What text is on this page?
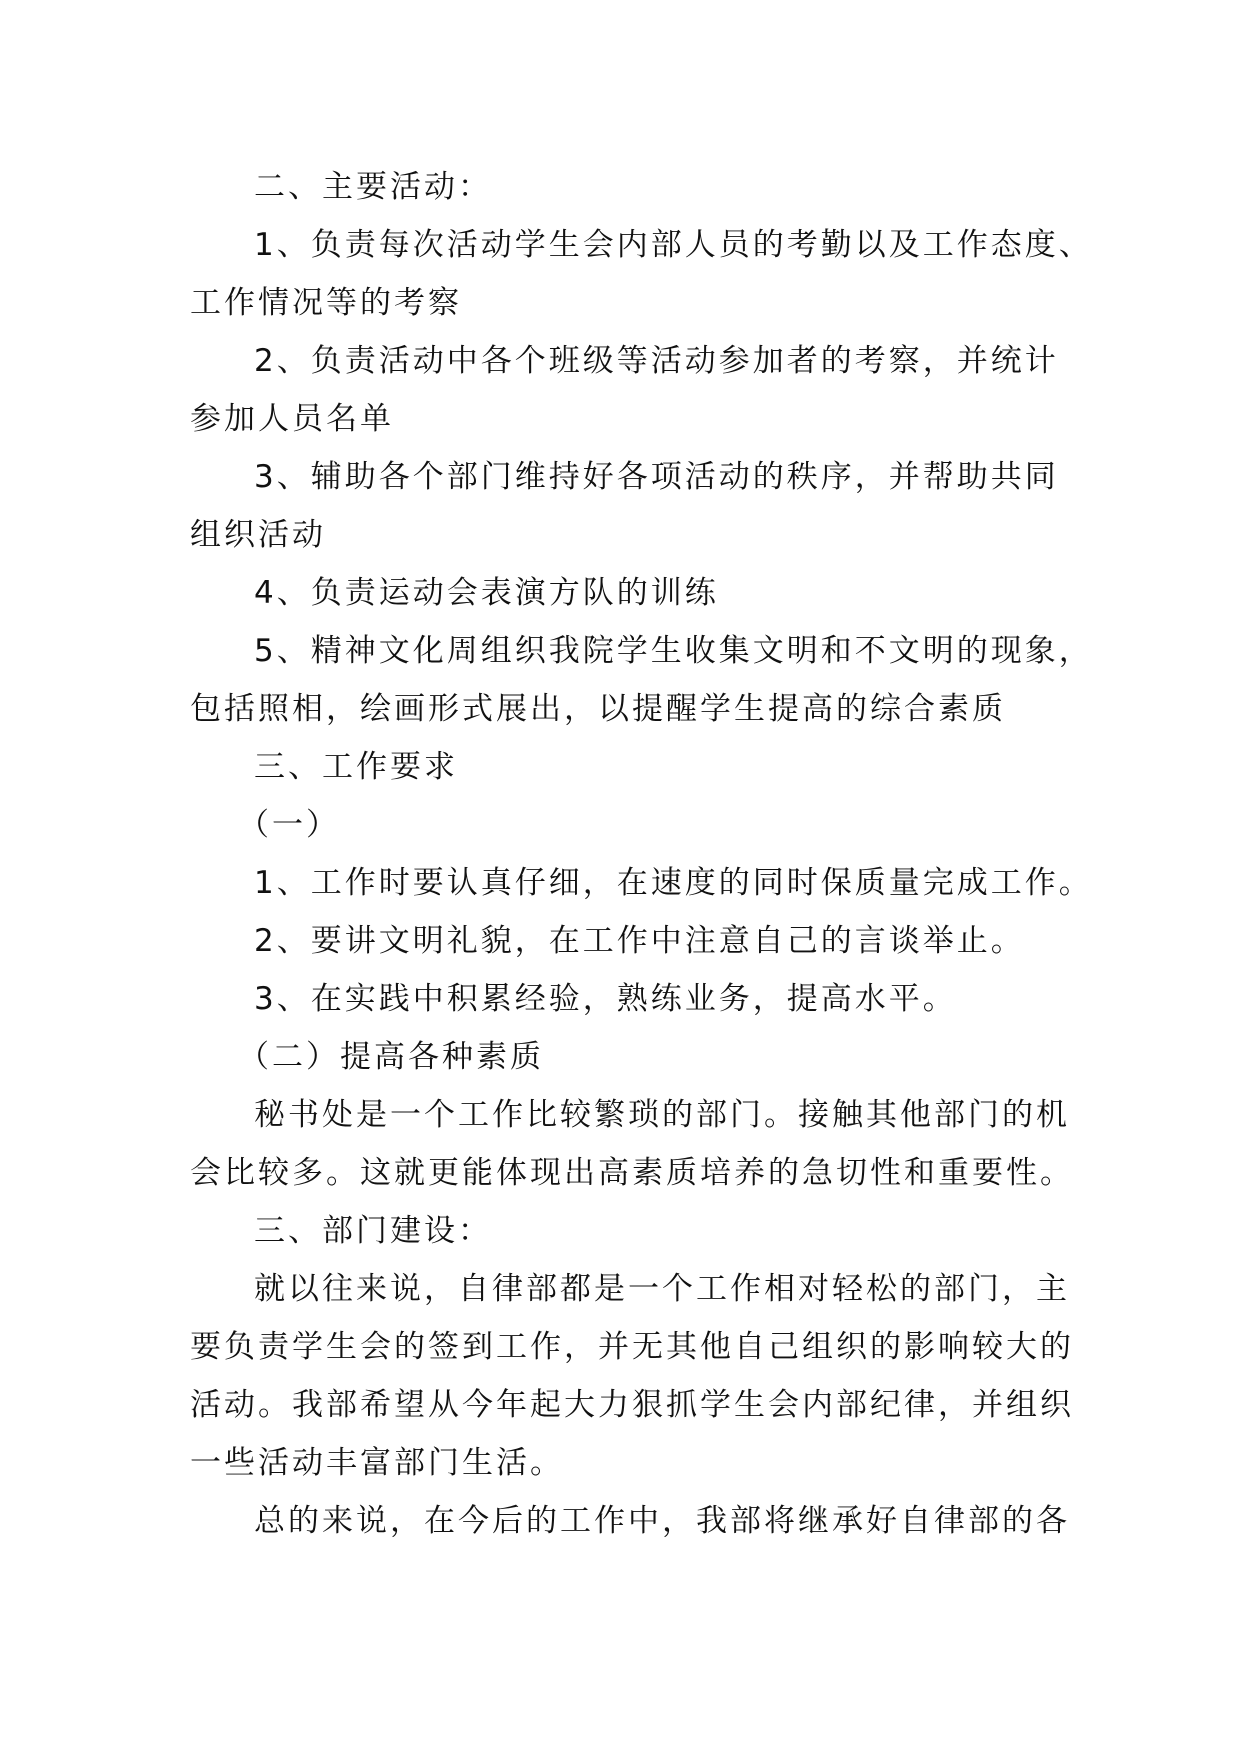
二、主要活动：
1、负责每次活动学生会内部人员的考勤以及工作态度、
工作情况等的考察
2、负责活动中各个班级等活动参加者的考察，并统计
参加人员名单
3、辅助各个部门维持好各项活动的秩序，并帮助共同
组织活动
4、负责运动会表演方队的训练
5、精神文化周组织我院学生收集文明和不文明的现象，
包括照相，绘画形式展出，以提醒学生提高的综合素质
三、工作要求
（一）
1、工作时要认真仔细，在速度的同时保质量完成工作。
2、要讲文明礼貌，在工作中注意自己的言谈举止。
3、在实践中积累经验，熟练业务，提高水平。
（二）提高各种素质
秘书处是一个工作比较繁琐的部门。接触其他部门的机
会比较多。这就更能体现出高素质培养的急切性和重要性。
三、部门建设：
就以往来说，自律部都是一个工作相对轻松的部门，主
要负责学生会的签到工作，并无其他自己组织的影响较大的
活动。我部希望从今年起大力狠抓学生会内部纪律，并组织
一些活动丰富部门生活。
总的来说，在今后的工作中，我部将继承好自律部的各
